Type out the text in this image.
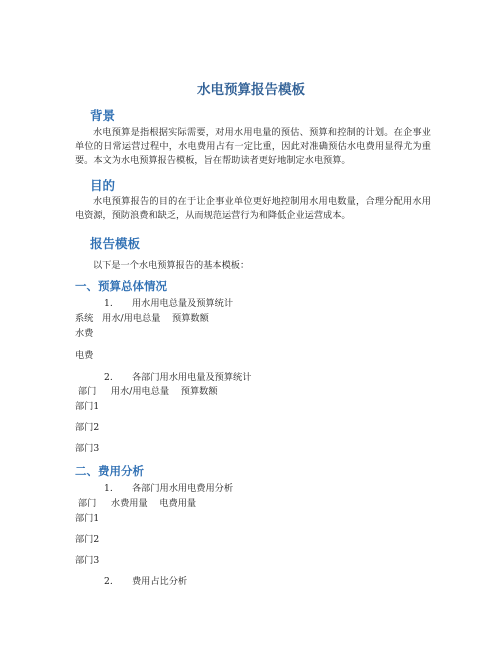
水电预算报告模板
背景

水电预算是指根据实际需要，对用水用电量的预估、预算和控制的计划。在企事业单位的日常运营过程中，水电费用占有一定比重，因此对准确预估水电费用显得尤为重要。本文为水电预算报告模板，旨在帮助读者更好地制定水电预算。

目的

水电预算报告的目的在于让企事业单位更好地控制用水用电数量，合理分配用水用电资源，预防浪费和缺乏，从而规范运营行为和降低企业运营成本。

报告模板
以下是一个水电预算报告的基本模板：
一、预算总体情况
1. 用水用电总量及预算统计
系统   用水/用电总量    预算数额
水费
电费
2. 各部门用水用电量及预算统计
部门     用水/用电总量    预算数额
部门1
部门2
部门3
二、费用分析
1. 各部门用水用电费用分析
部门     水费用量    电费用量
部门1
部门2
部门3
2. 费用占比分析
